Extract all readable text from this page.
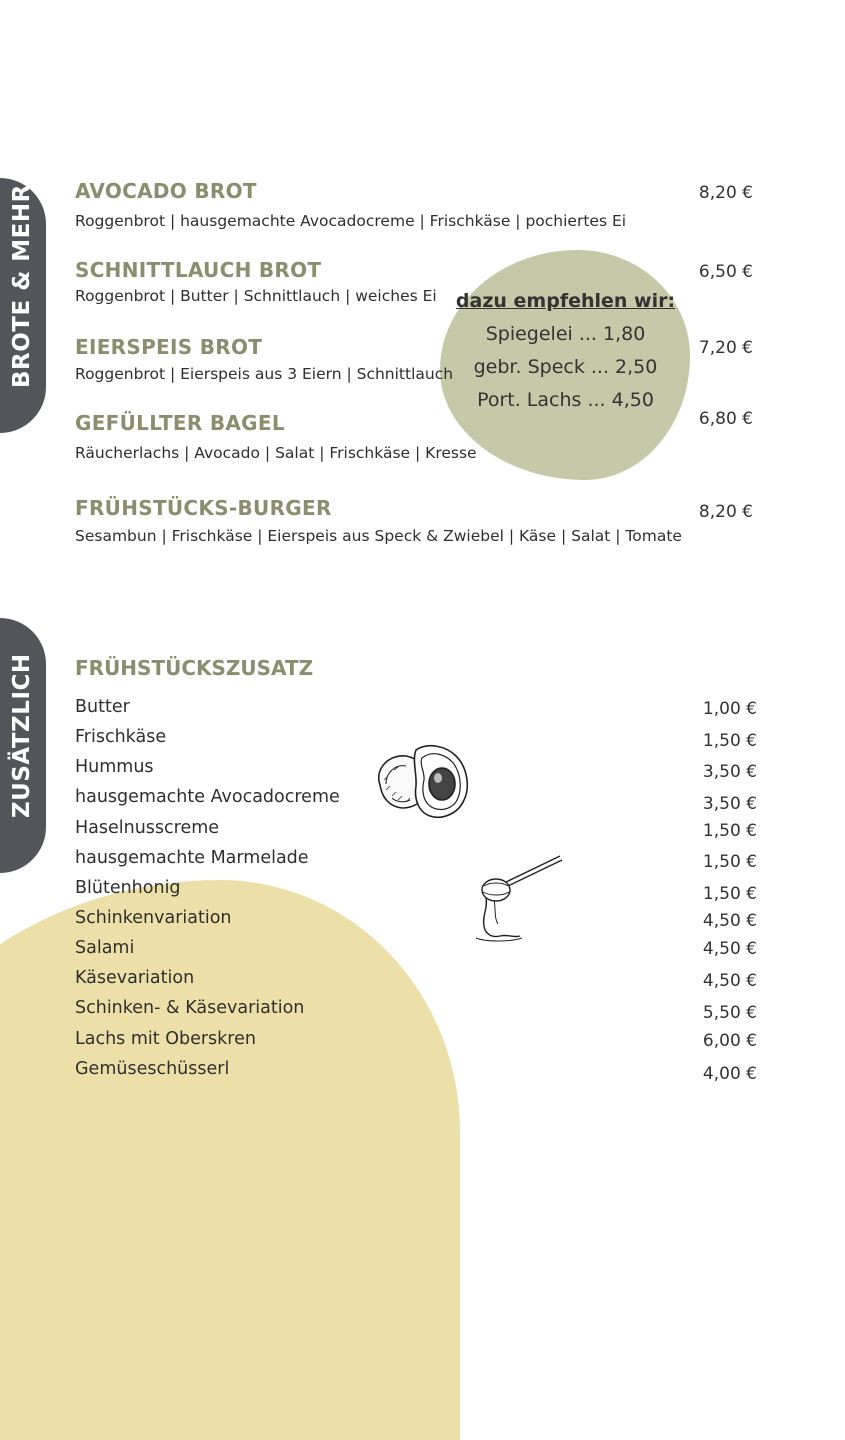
BROTE & MEHR
ZUSÄTZLICH
AVOCADO BROT
Roggenbrot | hausgemachte Avocadocreme | Frischkäse | pochiertes Ei
8,20 €
SCHNITTLAUCH BROT
Roggenbrot | Butter | Schnittlauch | weiches Ei
6,50 €
EIERSPEIS BROT
Roggenbrot | Eierspeis aus 3 Eiern | Schnittlauch
7,20 €
GEFÜLLTER BAGEL
Räucherlachs | Avocado | Salat | Frischkäse | Kresse
6,80 €
FRÜHSTÜCKS-BURGER
Sesambun | Frischkäse | Eierspeis aus Speck & Zwiebel | Käse | Salat | Tomate
8,20 €
dazu empfehlen wir:
Spiegelei ... 1,80
gebr. Speck ... 2,50
Port. Lachs ... 4,50
FRÜHSTÜCKSZUSATZ
Butter	1,00 €
Frischkäse	1,50 €
Hummus	3,50 €
hausgemachte Avocadocreme	3,50 €
Haselnusscreme	1,50 €
hausgemachte Marmelade	1,50 €
Blütenhonig	1,50 €
Schinkenvariation	4,50 €
Salami	4,50 €
Käsevariation	4,50 €
Schinken- & Käsevariation	5,50 €
Lachs mit Oberskren	6,00 €
Gemüseschüsserl	4,00 €
